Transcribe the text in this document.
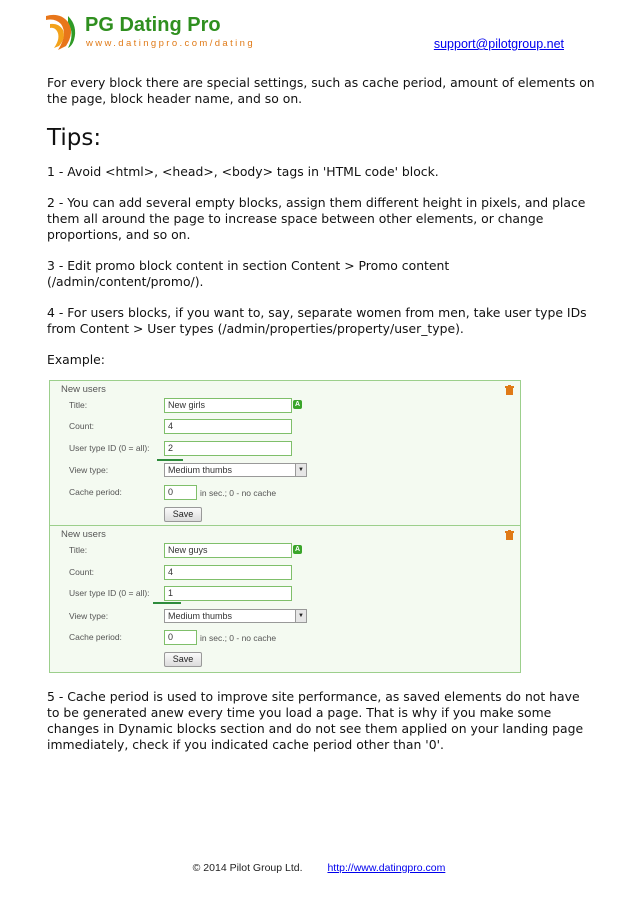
PG Dating Pro
www.datingpro.com/dating	support@pilotgroup.net

For every block there are special settings, such as cache period, amount of elements on the page, block header name, and so on.

Tips:

1 - Avoid <html>, <head>, <body> tags in 'HTML code' block.

2 - You can add several empty blocks, assign them different height in pixels, and place them all around the page to increase space between other elements, or change proportions, and so on.

3 - Edit promo block content in section Content > Promo content (/admin/content/promo/).

4 - For users blocks, if you want to, say, separate women from men, take user type IDs from Content > User types (/admin/properties/property/user_type).

Example:

New users
Title:	New girls	A
Count:	4
User type ID (0 = all):	2
View type:	Medium thumbs	▼
Cache period:	0	in sec.; 0 - no cache
Save
New users
Title:	New guys	A
Count:	4
User type ID (0 = all):	1
View type:	Medium thumbs	▼
Cache period:	0	in sec.; 0 - no cache
Save

5 - Cache period is used to improve site performance, as saved elements do not have to be generated anew every time you load a page. That is why if you make some changes in Dynamic blocks section and do not see them applied on your landing page immediately, check if you indicated cache period other than '0'.

© 2014 Pilot Group Ltd. http://www.datingpro.com
